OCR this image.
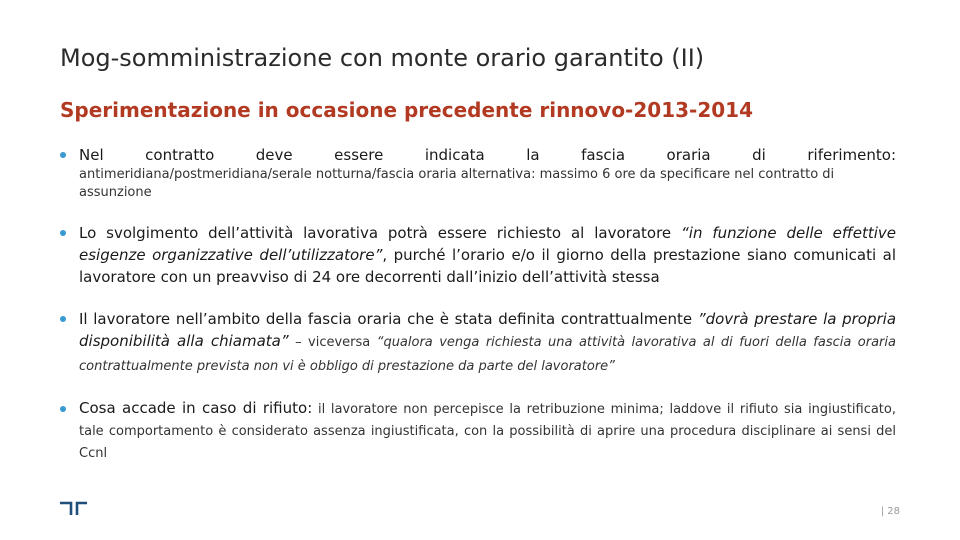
Mog-somministrazione con monte orario garantito (II)
Sperimentazione in occasione precedente rinnovo-2013-2014
Nel contratto deve essere indicata la fascia oraria di riferimento:
antimeridiana/postmeridiana/serale notturna/fascia oraria alternativa: massimo 6 ore da specificare nel contratto di assunzione
Lo svolgimento dell’attività lavorativa potrà essere richiesto al lavoratore “in funzione delle effettive esigenze organizzative dell’utilizzatore”, purché l’orario e/o il giorno della prestazione siano comunicati al lavoratore con un preavviso di 24 ore decorrenti dall’inizio dell’attività stessa
Il lavoratore nell’ambito della fascia oraria che è stata definita contrattualmente ”dovrà prestare la propria disponibilità alla chiamata” – viceversa “qualora venga richiesta una attività lavorativa al di fuori della fascia oraria contrattualmente prevista non vi è obbligo di prestazione da parte del lavoratore”
Cosa accade in caso di rifiuto: il lavoratore non percepisce la retribuzione minima; laddove il rifiuto sia ingiustificato, tale comportamento è considerato assenza ingiustificata, con la possibilità di aprire una procedura disciplinare ai sensi del Ccnl
| 28
